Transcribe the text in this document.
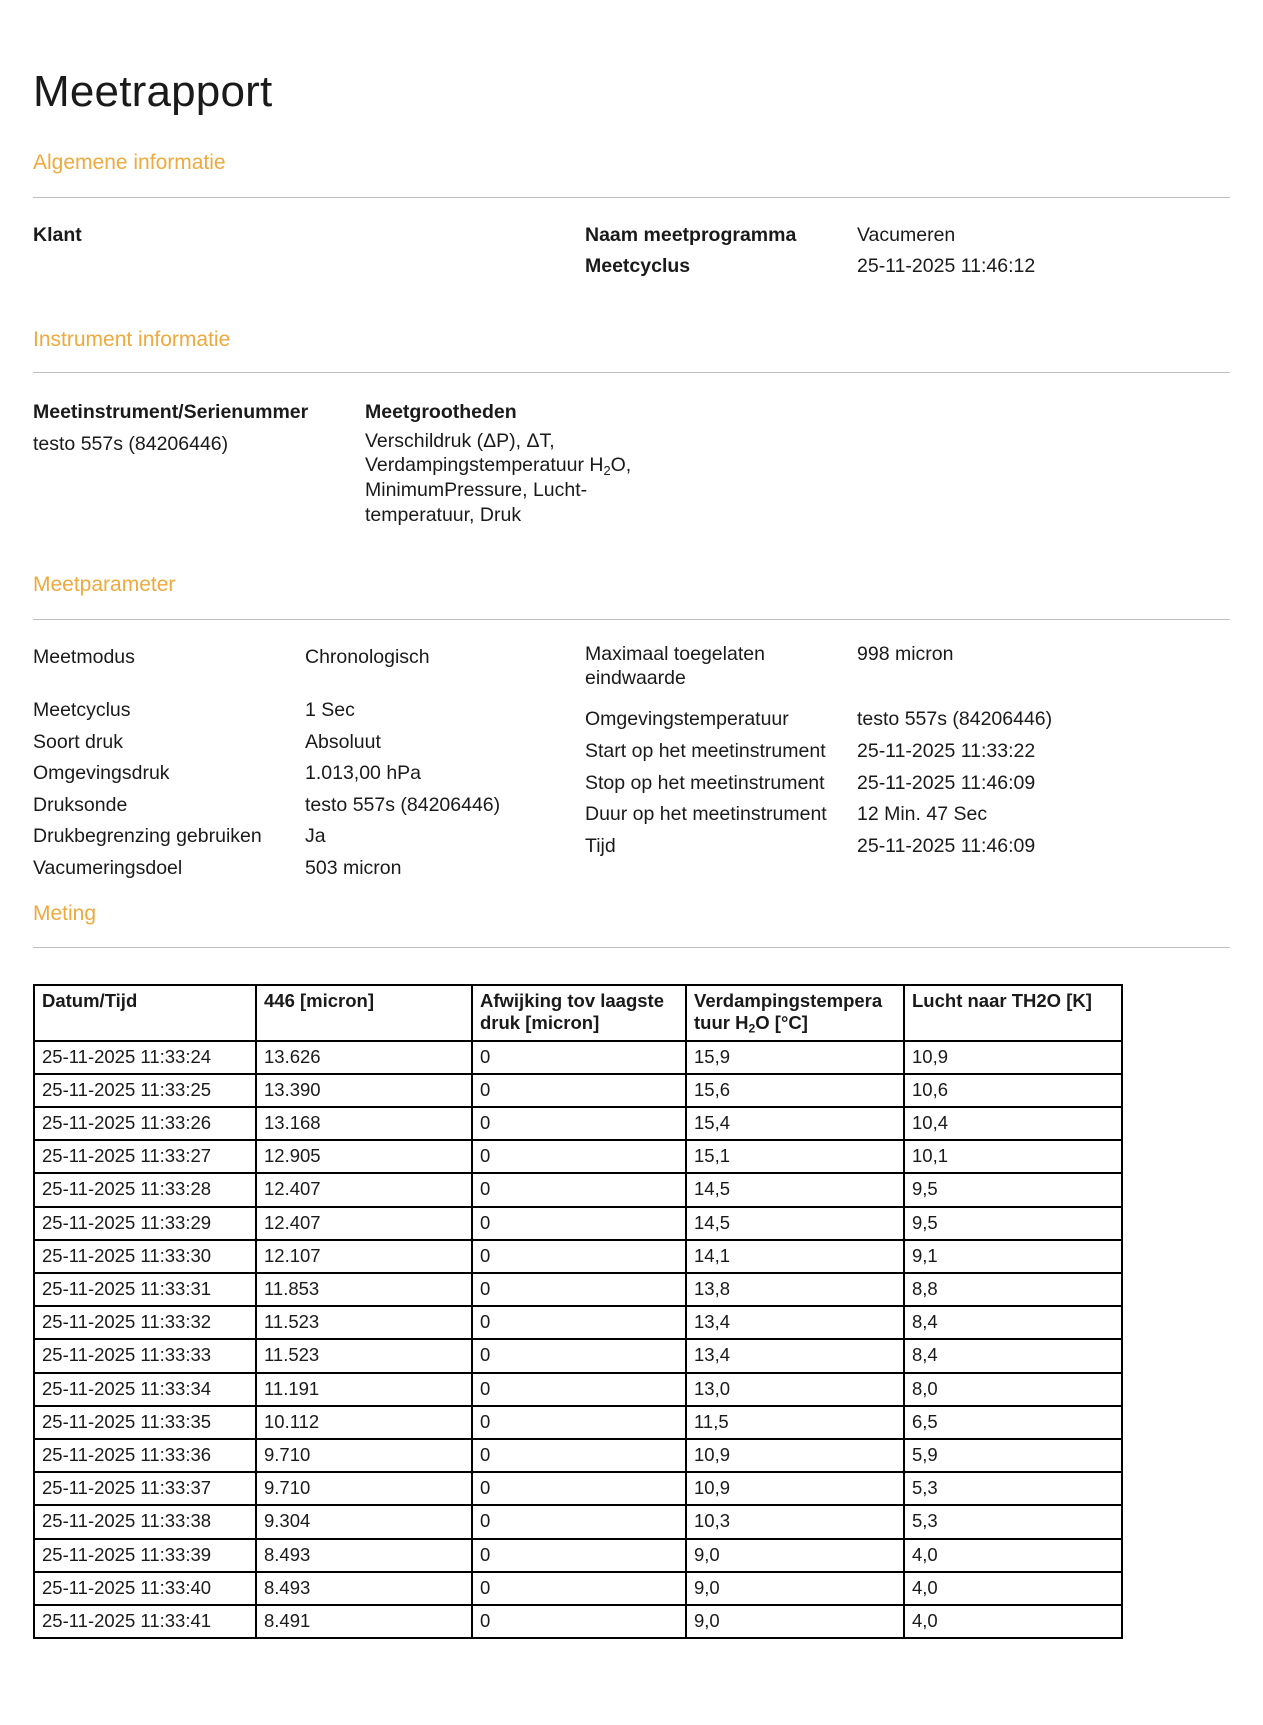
Meetrapport
Algemene informatie
Klant	Naam meetprogramma	Vacumeren
Meetcyclus	25-11-2025 11:46:12
Instrument informatie
Meetinstrument/Serienummer
testo 557s (84206446)
Meetgrootheden
Verschildruk (ΔP), ΔT,
Verdampingstemperatuur $H_2O$,
MinimumPressure, Lucht-
temperatuur, Druk
Meetparameter
Meetmodus	Chronologisch
Meetcyclus	1 Sec
Soort druk	Absoluut
Omgevingsdruk	1.013,00 hPa
Druksonde	testo 557s (84206446)
Drukbegrenzing gebruiken	Ja
Vacumeringsdoel	503 micron
Maximaal toegelaten eindwaarde
998 micron
Omgevingstemperatuur	testo 557s (84206446)
Start op het meetinstrument	25-11-2025 11:33:22
Stop op het meetinstrument	25-11-2025 11:46:09
Duur op het meetinstrument	12 Min. 47 Sec
Tijd	25-11-2025 11:46:09
Meting
Datum/Tijd	446 [micron]	Afwijking tov laagste druk [micron]	Verdampingstempera tuur $H_2O$ [°C]	Lucht naar TH2O [K]
25-11-2025 11:33:24	13.626	0	15,9	10,9
25-11-2025 11:33:25	13.390	0	15,6	10,6
25-11-2025 11:33:26	13.168	0	15,4	10,4
25-11-2025 11:33:27	12.905	0	15,1	10,1
25-11-2025 11:33:28	12.407	0	14,5	9,5
25-11-2025 11:33:29	12.407	0	14,5	9,5
25-11-2025 11:33:30	12.107	0	14,1	9,1
25-11-2025 11:33:31	11.853	0	13,8	8,8
25-11-2025 11:33:32	11.523	0	13,4	8,4
25-11-2025 11:33:33	11.523	0	13,4	8,4
25-11-2025 11:33:34	11.191	0	13,0	8,0
25-11-2025 11:33:35	10.112	0	11,5	6,5
25-11-2025 11:33:36	9.710	0	10,9	5,9
25-11-2025 11:33:37	9.710	0	10,9	5,3
25-11-2025 11:33:38	9.304	0	10,3	5,3
25-11-2025 11:33:39	8.493	0	9,0	4,0
25-11-2025 11:33:40	8.493	0	9,0	4,0
25-11-2025 11:33:41	8.491	0	9,0	4,0
